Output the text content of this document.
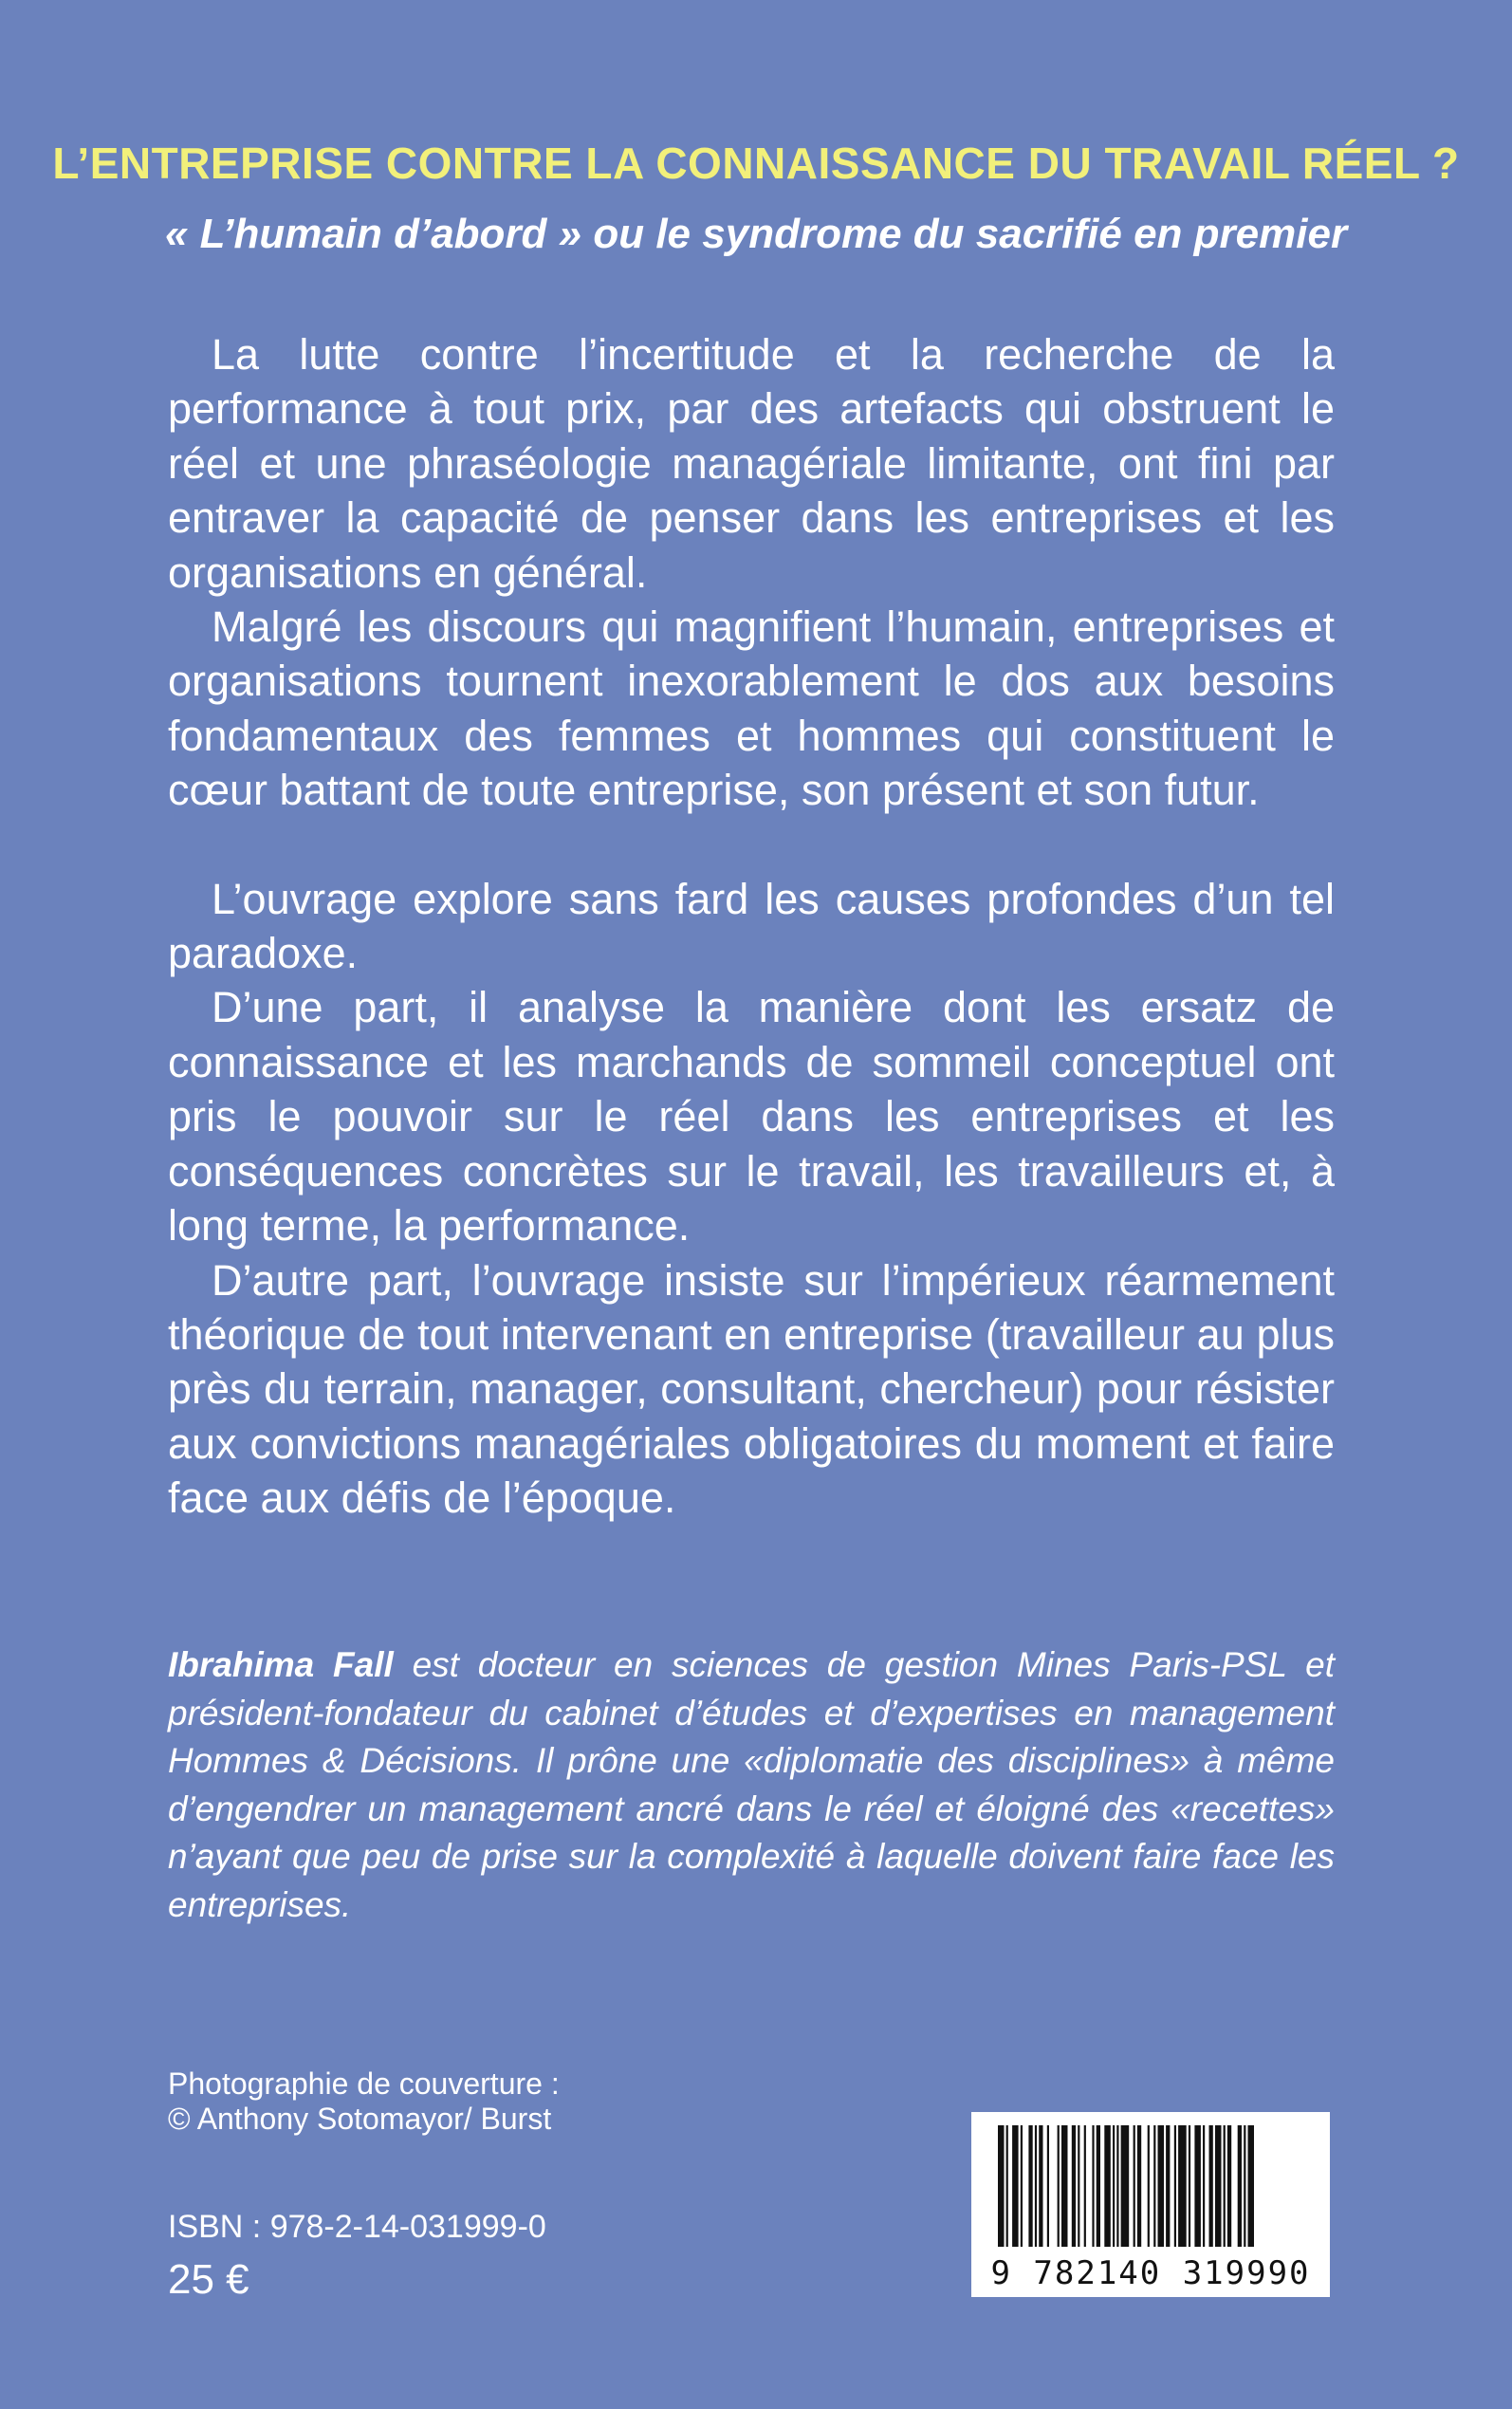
L’ENTREPRISE CONTRE LA CONNAISSANCE DU TRAVAIL RÉEL ?
« L’humain d’abord » ou le syndrome du sacrifié en premier

La lutte contre l’incertitude et la recherche de la performance à tout prix, par des artefacts qui obstruent le réel et une phraséologie managériale limitante, ont fini par entraver la capacité de penser dans les entreprises et les organisations en général.

Malgré les discours qui magnifient l’humain, entreprises et organisations tournent inexorablement le dos aux besoins fondamentaux des femmes et hommes qui constituent le cœur battant de toute entreprise, son présent et son futur.

L’ouvrage explore sans fard les causes profondes d’un tel paradoxe.

D’une part, il analyse la manière dont les ersatz de connaissance et les marchands de sommeil conceptuel ont pris le pouvoir sur le réel dans les entreprises et les conséquences concrètes sur le travail, les travailleurs et, à long terme, la performance.

D’autre part, l’ouvrage insiste sur l’impérieux réarmement théorique de tout intervenant en entreprise (travailleur au plus près du terrain, manager, consultant, chercheur) pour résister aux convictions managériales obligatoires du moment et faire face aux défis de l’époque.

Ibrahima Fall est docteur en sciences de gestion Mines Paris-PSL et président-fondateur du cabinet d’études et d’expertises en management Hommes & Décisions. Il prône une «diplomatie des disciplines» à même d’engendrer un management ancré dans le réel et éloigné des «recettes» n’ayant que peu de prise sur la complexité à laquelle doivent faire face les entreprises.

Photographie de couverture :
© Anthony Sotomayor/ Burst
ISBN : 978-2-14-031999-0
25 €	9 782140 319990
